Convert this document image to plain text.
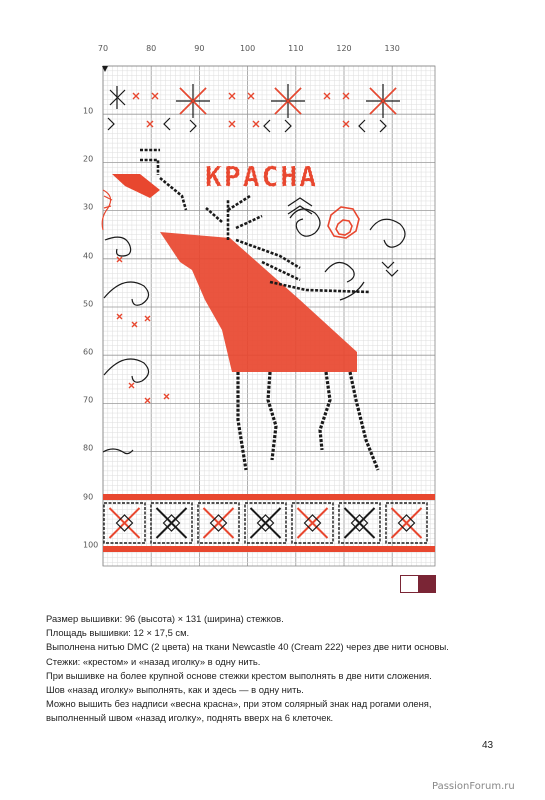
КРАСНА
70	80	90	100	110	120	130
10
20
30
40
50
60
70
80
90
100

Размер вышивки: 96 (высота) × 131 (ширина) стежков.

Площадь вышивки: 12 × 17,5 см.

Выполнена нитью DMC (2 цвета) на ткани Newcastle 40 (Cream 222) через две нити основы.

Стежки: «крестом» и «назад иголку» в одну нить.

При вышивке на более крупной основе стежки крестом выполнять в две нити сложения.

Шов «назад иголку» выполнять, как и здесь — в одну нить.

Можно вышить без надписи «весна красна», при этом солярный знак над рогами оленя,

выполненный швом «назад иголку», поднять вверх на 6 клеточек.

43
PassionForum.ru
